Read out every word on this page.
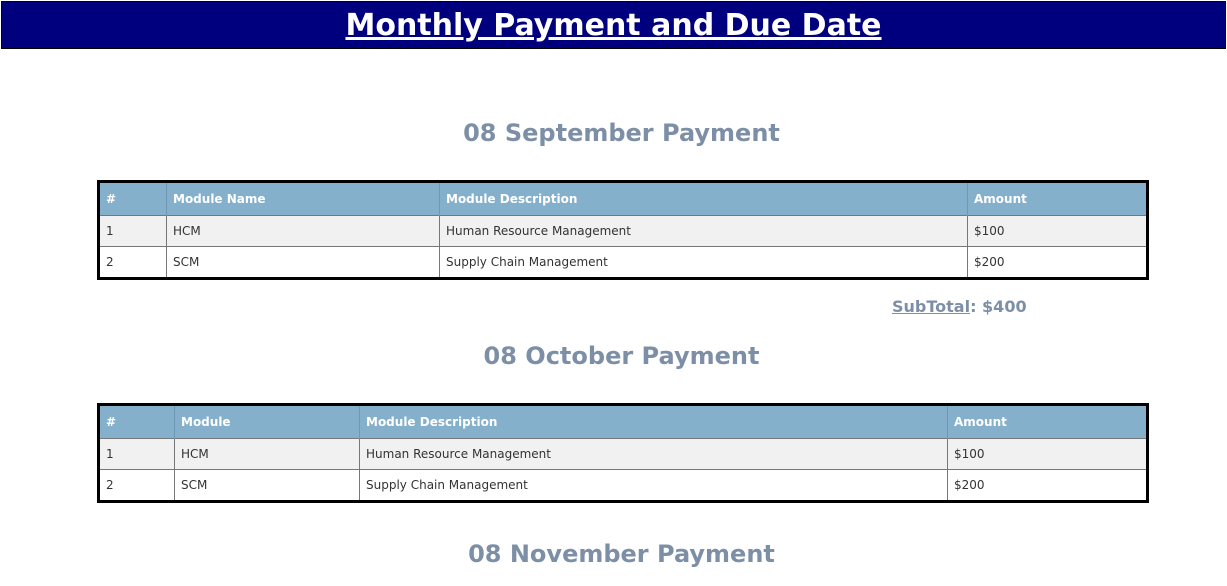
Monthly Payment and Due Date
08 September Payment
#	Module Name	Module Description	Amount
1	HCM	Human Resource Management	$100
2	SCM	Supply Chain Management	$200
SubTotal: $400
08 October Payment
#	Module	Module Description	Amount
1	HCM	Human Resource Management	$100
2	SCM	Supply Chain Management	$200
08 November Payment
